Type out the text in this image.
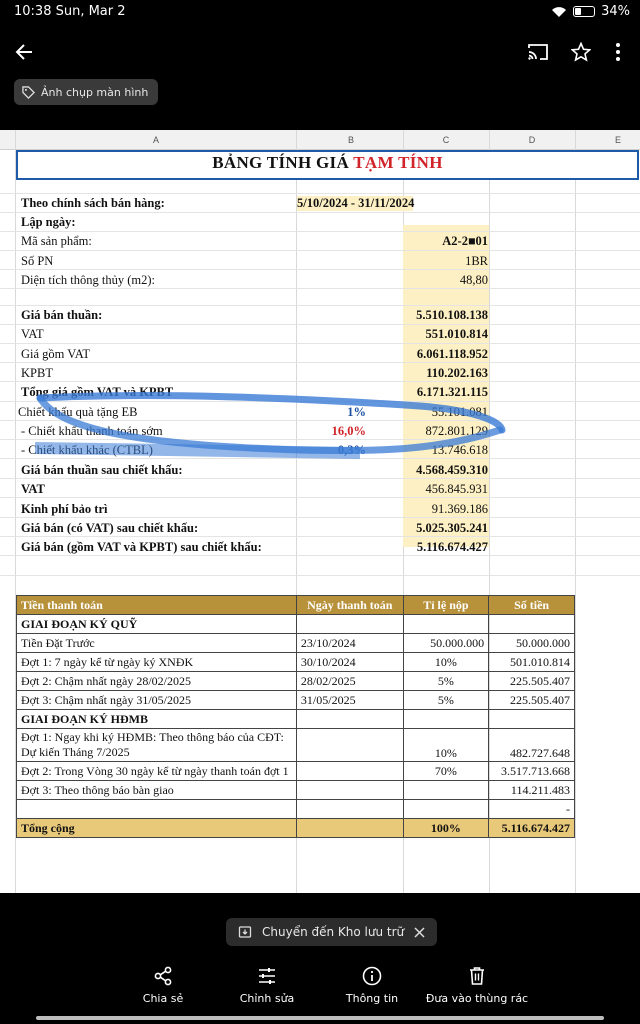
10:38 Sun, Mar 2	34%
Ảnh chụp màn hình
A	B	C	D	E
BẢNG TÍNH GIÁ TẠM TÍNH
Theo chính sách bán hàng:	5/10/2024 - 31/11/2024
Lập ngày:
Mã sản phẩm:	A2-2■01
Số PN	1BR
Diện tích thông thủy (m2):	48,80
Giá bán thuần:	5.510.108.138
VAT	551.010.814
Giá gồm VAT	6.061.118.952
KPBT	110.202.163
Tổng giá gồm VAT và KPBT	6.171.321.115
Chiết khấu quà tặng EB	1%	55.101.081
- Chiết khấu thanh toán sớm	16,0%	872.801.129
- Chiết khấu khác (CTBL)	0,3%	13.746.618
Giá bán thuần sau chiết khấu:	4.568.459.310
VAT	456.845.931
Kinh phí bảo trì	91.369.186
Giá bán (có VAT) sau chiết khấu:	5.025.305.241
Giá bán (gồm VAT và KPBT) sau chiết khấu:	5.116.674.427
Tiền thanh toán	Ngày thanh toán	Tỉ lệ nộp	Số tiền
GIAI ĐOẠN KÝ QUỸ			
Tiền Đặt Trước	23/10/2024	50.000.000	50.000.000
Đợt 1: 7 ngày kể từ ngày ký XNĐK	30/10/2024	10%	501.010.814
Đợt 2: Chậm nhất ngày 28/02/2025	28/02/2025	5%	225.505.407
Đợt 3: Chậm nhất ngày 31/05/2025	31/05/2025	5%	225.505.407
GIAI ĐOẠN KÝ HĐMB			

Đợt 1: Ngay khi ký HĐMB: Theo thông báo của CĐT:
Dự kiến Tháng 7/2025		10%	482.727.648
Đợt 2: Trong Vòng 30 ngày kể từ ngày thanh toán đợt 1		70%	3.517.713.668
Đợt 3: Theo thông báo bàn giao			114.211.483
			-
Tổng cộng		100%	5.116.674.427
Chuyển đến Kho lưu trữ
Chia sẻ	Chỉnh sửa	Thông tin	Đưa vào thùng rác
